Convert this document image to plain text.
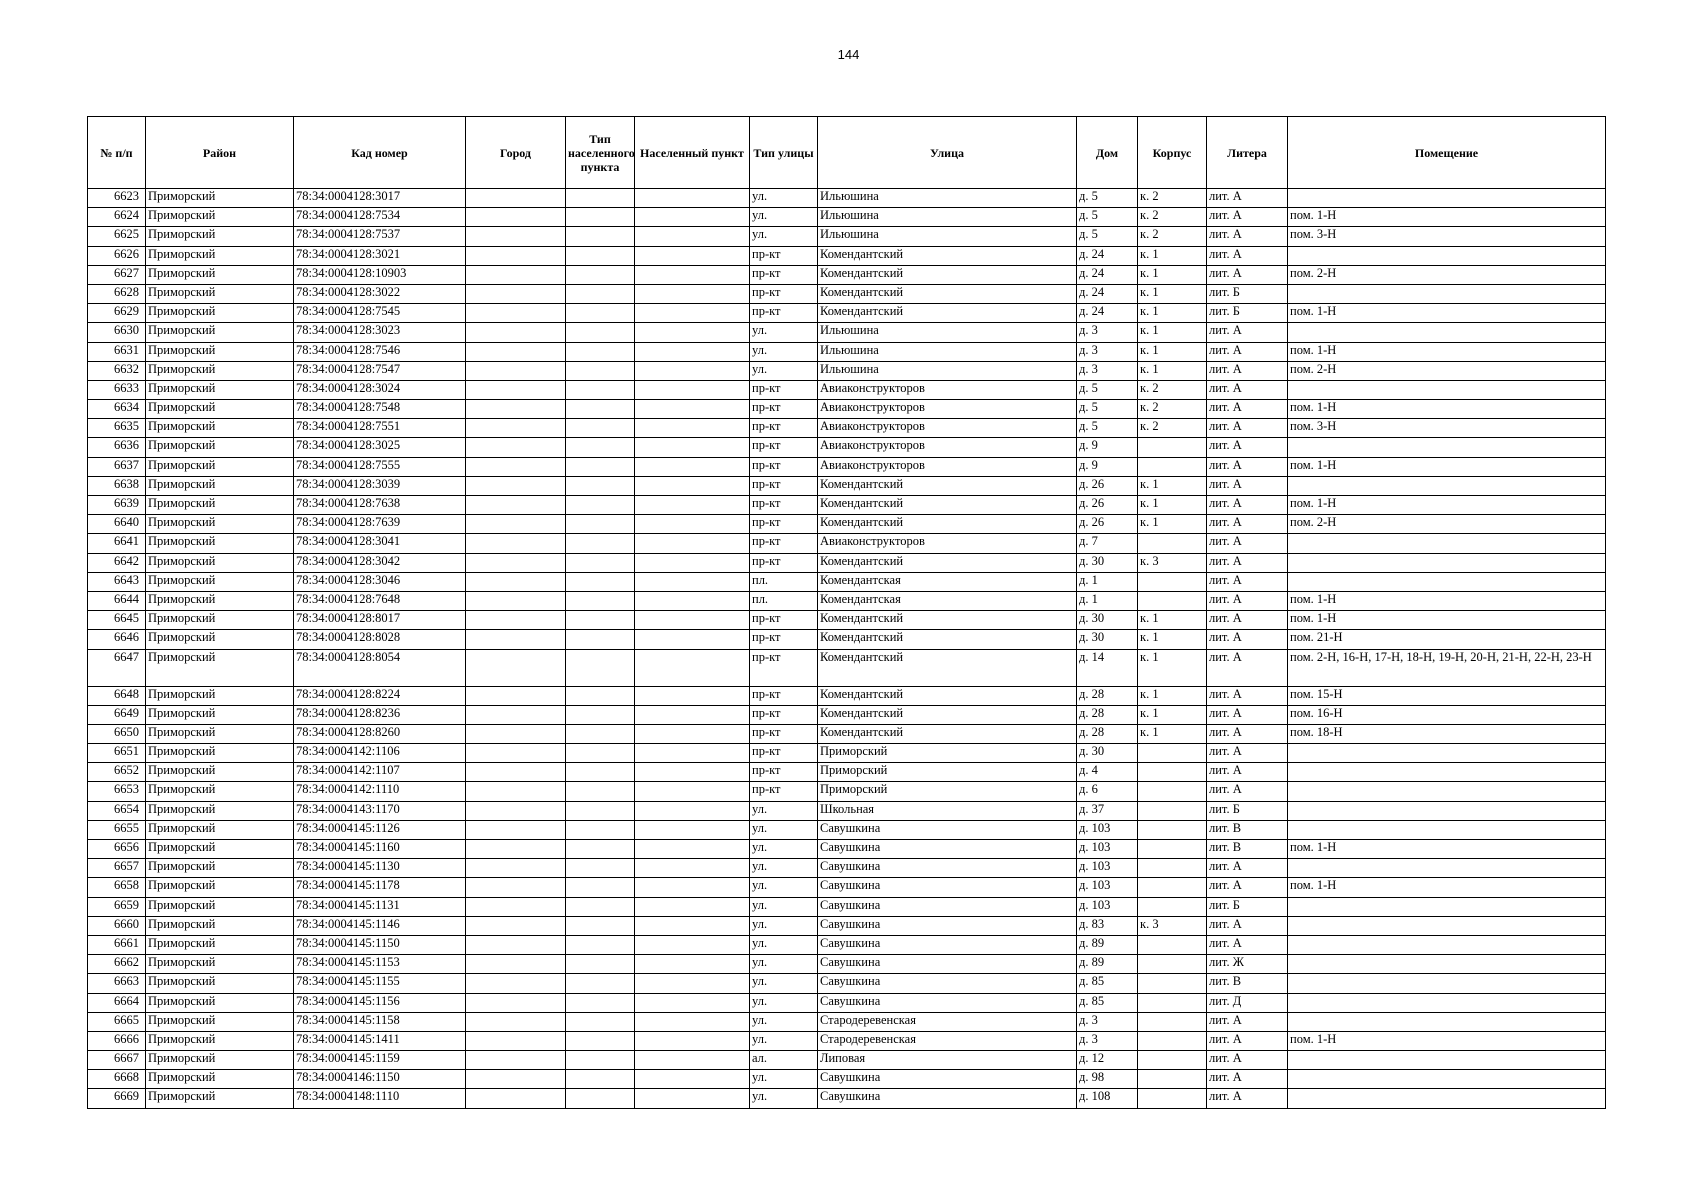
144
№ п/п	Район	Кад номер	Город	Тип населенного пункта	Населенный пункт	Тип улицы	Улица	Дом	Корпус	Литера	Помещение
6623	Приморский	78:34:0004128:3017				ул.	Ильюшина	д. 5	к. 2	лит. А	
6624	Приморский	78:34:0004128:7534				ул.	Ильюшина	д. 5	к. 2	лит. А	пом. 1-Н
6625	Приморский	78:34:0004128:7537				ул.	Ильюшина	д. 5	к. 2	лит. А	пом. 3-Н
6626	Приморский	78:34:0004128:3021				пр-кт	Комендантский	д. 24	к. 1	лит. А	
6627	Приморский	78:34:0004128:10903				пр-кт	Комендантский	д. 24	к. 1	лит. А	пом. 2-Н
6628	Приморский	78:34:0004128:3022				пр-кт	Комендантский	д. 24	к. 1	лит. Б	
6629	Приморский	78:34:0004128:7545				пр-кт	Комендантский	д. 24	к. 1	лит. Б	пом. 1-Н
6630	Приморский	78:34:0004128:3023				ул.	Ильюшина	д. 3	к. 1	лит. А	
6631	Приморский	78:34:0004128:7546				ул.	Ильюшина	д. 3	к. 1	лит. А	пом. 1-Н
6632	Приморский	78:34:0004128:7547				ул.	Ильюшина	д. 3	к. 1	лит. А	пом. 2-Н
6633	Приморский	78:34:0004128:3024				пр-кт	Авиаконструкторов	д. 5	к. 2	лит. А	
6634	Приморский	78:34:0004128:7548				пр-кт	Авиаконструкторов	д. 5	к. 2	лит. А	пом. 1-Н
6635	Приморский	78:34:0004128:7551				пр-кт	Авиаконструкторов	д. 5	к. 2	лит. А	пом. 3-Н
6636	Приморский	78:34:0004128:3025				пр-кт	Авиаконструкторов	д. 9		лит. А	
6637	Приморский	78:34:0004128:7555				пр-кт	Авиаконструкторов	д. 9		лит. А	пом. 1-Н
6638	Приморский	78:34:0004128:3039				пр-кт	Комендантский	д. 26	к. 1	лит. А	
6639	Приморский	78:34:0004128:7638				пр-кт	Комендантский	д. 26	к. 1	лит. А	пом. 1-Н
6640	Приморский	78:34:0004128:7639				пр-кт	Комендантский	д. 26	к. 1	лит. А	пом. 2-Н
6641	Приморский	78:34:0004128:3041				пр-кт	Авиаконструкторов	д. 7		лит. А	
6642	Приморский	78:34:0004128:3042				пр-кт	Комендантский	д. 30	к. 3	лит. А	
6643	Приморский	78:34:0004128:3046				пл.	Комендантская	д. 1		лит. А	
6644	Приморский	78:34:0004128:7648				пл.	Комендантская	д. 1		лит. А	пом. 1-Н
6645	Приморский	78:34:0004128:8017				пр-кт	Комендантский	д. 30	к. 1	лит. А	пом. 1-Н
6646	Приморский	78:34:0004128:8028				пр-кт	Комендантский	д. 30	к. 1	лит. А	пом. 21-Н
6647	Приморский	78:34:0004128:8054				пр-кт	Комендантский	д. 14	к. 1	лит. А	пом. 2-Н, 16-Н, 17-Н, 18-Н, 19-Н, 20-Н, 21-Н, 22-Н, 23-Н
6648	Приморский	78:34:0004128:8224				пр-кт	Комендантский	д. 28	к. 1	лит. А	пом. 15-Н
6649	Приморский	78:34:0004128:8236				пр-кт	Комендантский	д. 28	к. 1	лит. А	пом. 16-Н
6650	Приморский	78:34:0004128:8260				пр-кт	Комендантский	д. 28	к. 1	лит. А	пом. 18-Н
6651	Приморский	78:34:0004142:1106				пр-кт	Приморский	д. 30		лит. А	
6652	Приморский	78:34:0004142:1107				пр-кт	Приморский	д. 4		лит. А	
6653	Приморский	78:34:0004142:1110				пр-кт	Приморский	д. 6		лит. А	
6654	Приморский	78:34:0004143:1170				ул.	Школьная	д. 37		лит. Б	
6655	Приморский	78:34:0004145:1126				ул.	Савушкина	д. 103		лит. В	
6656	Приморский	78:34:0004145:1160				ул.	Савушкина	д. 103		лит. В	пом. 1-Н
6657	Приморский	78:34:0004145:1130				ул.	Савушкина	д. 103		лит. А	
6658	Приморский	78:34:0004145:1178				ул.	Савушкина	д. 103		лит. А	пом. 1-Н
6659	Приморский	78:34:0004145:1131				ул.	Савушкина	д. 103		лит. Б	
6660	Приморский	78:34:0004145:1146				ул.	Савушкина	д. 83	к. 3	лит. А	
6661	Приморский	78:34:0004145:1150				ул.	Савушкина	д. 89		лит. А	
6662	Приморский	78:34:0004145:1153				ул.	Савушкина	д. 89		лит. Ж	
6663	Приморский	78:34:0004145:1155				ул.	Савушкина	д. 85		лит. В	
6664	Приморский	78:34:0004145:1156				ул.	Савушкина	д. 85		лит. Д	
6665	Приморский	78:34:0004145:1158				ул.	Стародеревенская	д. 3		лит. А	
6666	Приморский	78:34:0004145:1411				ул.	Стародеревенская	д. 3		лит. А	пом. 1-Н
6667	Приморский	78:34:0004145:1159				ал.	Липовая	д. 12		лит. А	
6668	Приморский	78:34:0004146:1150				ул.	Савушкина	д. 98		лит. А	
6669	Приморский	78:34:0004148:1110				ул.	Савушкина	д. 108		лит. А	
